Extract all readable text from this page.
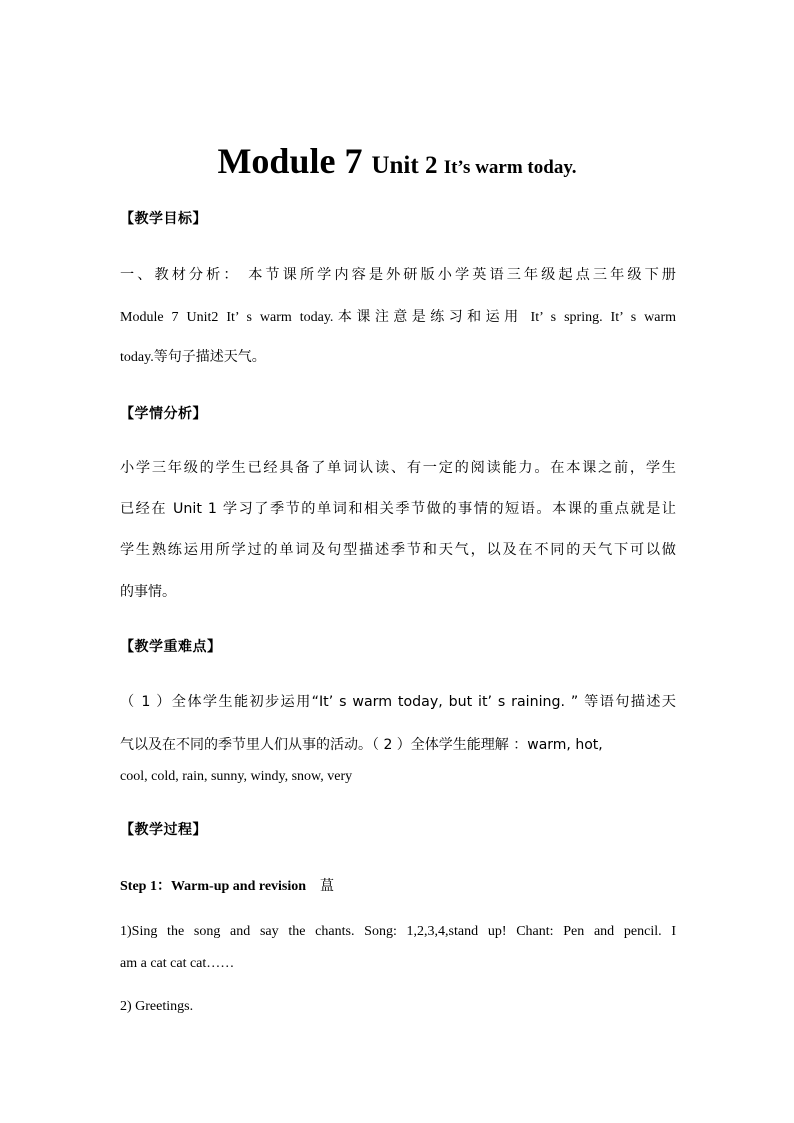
Module 7 Unit 2 It’s warm today.
【教学目标】
一、教材分析： 本节课所学内容是外研版小学英语三年级起点三年级下册
Module 7 Unit2 It’ s warm today.本课注意是练习和运用 It’ s spring. It’ s warm
today.等句子描述天气。
【学情分析】
小学三年级的学生已经具备了单词认读、有一定的阅读能力。在本课之前，学生
已经在 Unit 1 学习了季节的单词和相关季节做的事情的短语。本课的重点就是让
学生熟练运用所学过的单词及句型描述季节和天气，以及在不同的天气下可以做
的事情。
【教学重难点】
（ 1 ）全体学生能初步运用“It’ s warm today, but it’ s raining. ” 等语句描述天
气以及在不同的季节里人们从事的活动。（ 2 ）全体学生能理解 ：warm, hot,
cool, cold, rain, sunny, windy, snow, very
【教学过程】
Step 1：Warm-up and revision 蒀
1)Sing the song and say the chants. Song: 1,2,3,4,stand up! Chant: Pen and pencil. I
am a cat cat cat……
2) Greetings.
